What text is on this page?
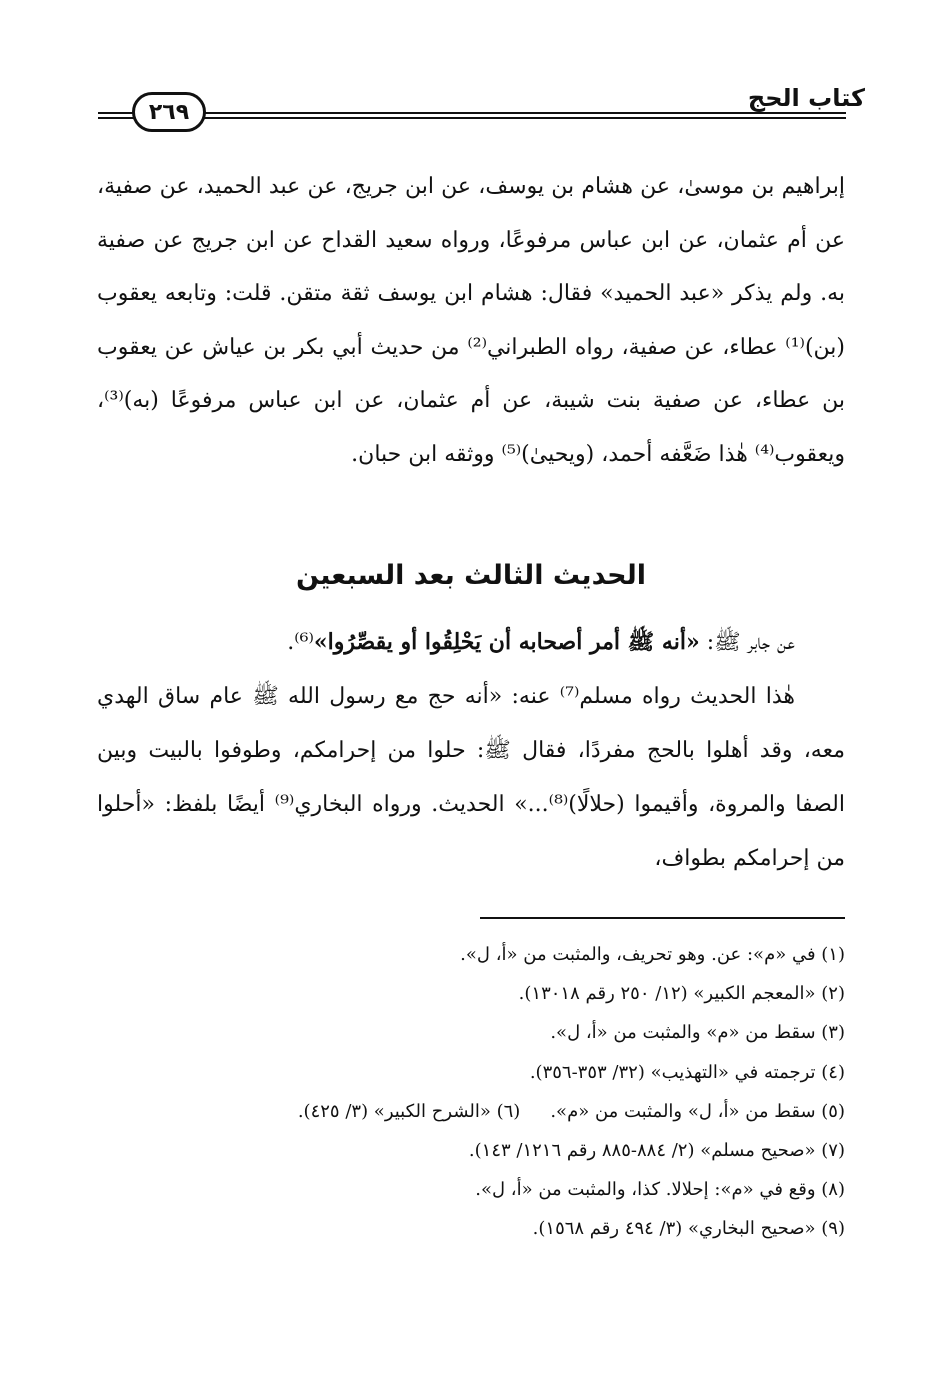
كتاب الحج
٢٦٩

إبراهيم بن موسىٰ، عن هشام بن يوسف، عن ابن جريج، عن عبد الحميد، عن صفية، عن أم عثمان، عن ابن عباس مرفوعًا، ورواه سعيد القداح عن ابن جريج عن صفية به. ولم يذكر «عبد الحميد» فقال: هشام ابن يوسف ثقة متقن. قلت: وتابعه يعقوب (بن)⁽¹⁾ عطاء، عن صفية، رواه الطبراني⁽²⁾ من حديث أبي بكر بن عياش عن يعقوب بن عطاء، عن صفية بنت شيبة، عن أم عثمان، عن ابن عباس مرفوعًا (به)⁽³⁾، ويعقوب⁽⁴⁾ هٰذا ضَعَّفه أحمد، (ويحيىٰ)⁽⁵⁾ ووثقه ابن حبان.

الحديث الثالث بعد السبعين

عن جابر ﷺ: «أنه ﷺ أمر أصحابه أن يَحْلِقُوا أو يقصِّرُوا»⁽⁶⁾.

هٰذا الحديث رواه مسلم⁽⁷⁾ عنه: «أنه حج مع رسول الله ﷺ عام ساق الهدي معه، وقد أهلوا بالحج مفردًا، فقال ﷺ: حلوا من إحرامكم، وطوفوا بالبيت وبين الصفا والمروة، وأقيموا (حلالًا)⁽⁸⁾...» الحديث. ورواه البخاري⁽⁹⁾ أيضًا بلفظ: «أحلوا من إحرامكم بطواف،

(١) في «م»: عن. وهو تحريف، والمثبت من «أ، ل».
(٢) «المعجم الكبير» (١٢/ ٢٥٠ رقم ١٣٠١٨).
(٣) سقط من «م» والمثبت من «أ، ل».
(٤) ترجمته في «التهذيب» (٣٢/ ٣٥٣-٣٥٦).
(٥) سقط من «أ، ل» والمثبت من «م».(٦) «الشرح الكبير» (٣/ ٤٢٥).
(٧) «صحيح مسلم» (٢/ ٨٨٤-٨٨٥ رقم ١٢١٦/ ١٤٣).
(٨) وقع في «م»: إحلالا. كذا، والمثبت من «أ، ل».
(٩) «صحيح البخاري» (٣/ ٤٩٤ رقم ١٥٦٨).
